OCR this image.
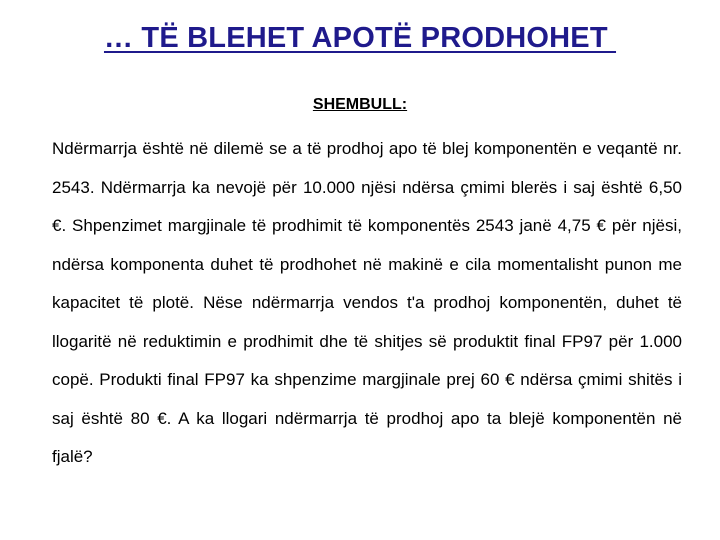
… TË BLEHET APOTË PRODHOHET
SHEMBULL:
Ndërmarrja është në dilemë se a të prodhoj apo të blej komponentën e veqantë nr. 2543. Ndërmarrja ka nevojë për 10.000 njësi ndërsa çmimi blerës i saj është 6,50 €. Shpenzimet margjinale të prodhimit të komponentës 2543 janë 4,75 € për njësi, ndërsa komponenta duhet të prodhohet në makinë e cila momentalisht punon me kapacitet të plotë. Nëse ndërmarrja vendos t'a prodhoj komponentën, duhet të llogaritë në reduktimin e prodhimit dhe të shitjes së produktit final FP97 për 1.000 copë. Produkti final FP97 ka shpenzime margjinale prej 60 € ndërsa çmimi shitës i saj është 80 €. A ka llogari ndërmarrja të prodhoj apo ta blejë komponentën në fjalë?
